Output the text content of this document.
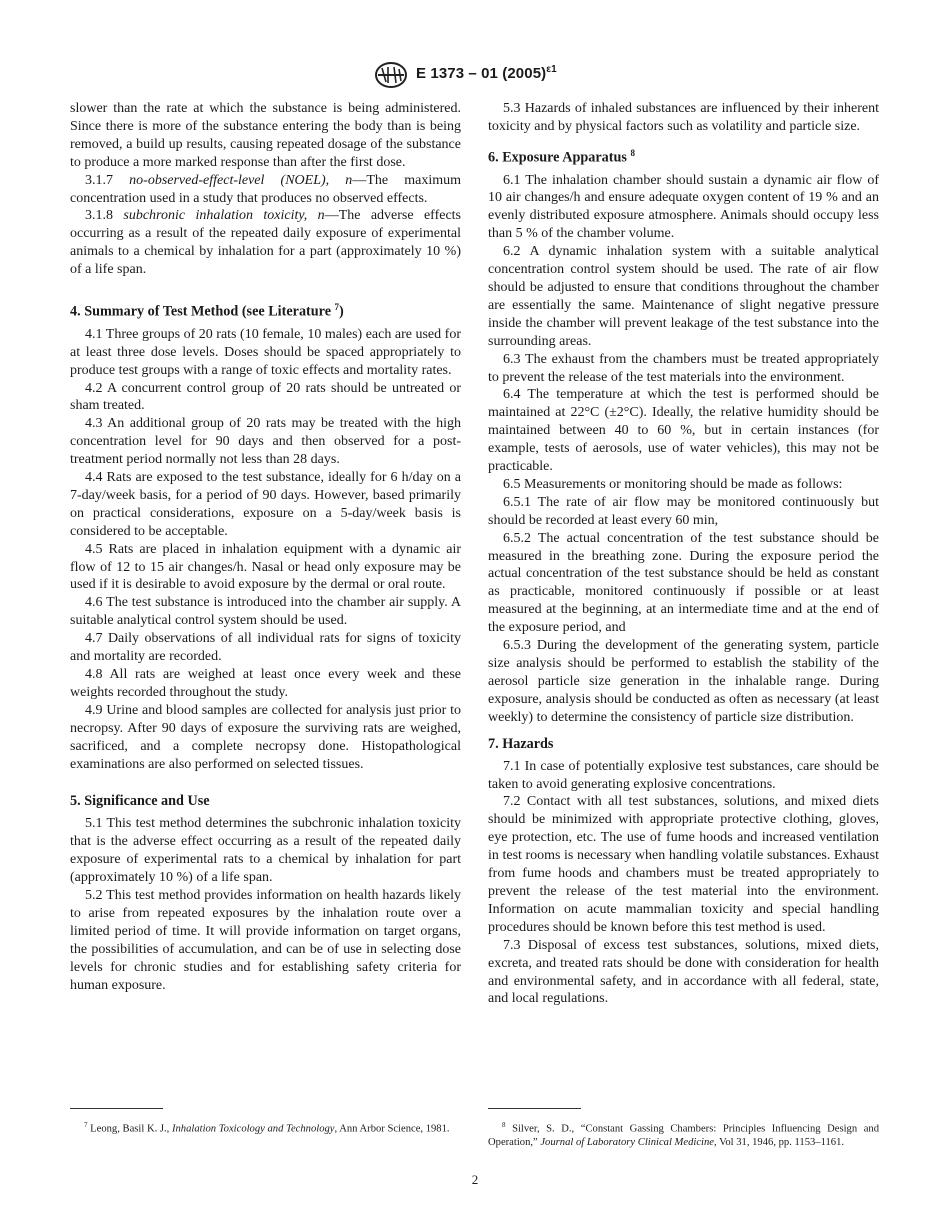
E 1373 – 01 $(2005)^{\varepsilon 1}$

slower than the rate at which the substance is being administered. Since there is more of the substance entering the body than is being removed, a build up results, causing repeated dosage of the substance to produce a more marked response than after the first dose.

3.1.7 no-observed-effect-level (NOEL), n—The maximum concentration used in a study that produces no observed effects.

3.1.8 subchronic inhalation toxicity, n—The adverse effects occurring as a result of the repeated daily exposure of experimental animals to a chemical by inhalation for a part (approximately 10 %) of a life span.

4. Summary of Test Method (see Literature $^7$)

4.1 Three groups of 20 rats (10 female, 10 males) each are used for at least three dose levels. Doses should be spaced appropriately to produce test groups with a range of toxic effects and mortality rates.

4.2 A concurrent control group of 20 rats should be untreated or sham treated.

4.3 An additional group of 20 rats may be treated with the high concentration level for 90 days and then observed for a post-treatment period normally not less than 28 days.

4.4 Rats are exposed to the test substance, ideally for 6 h/day on a 7-day/week basis, for a period of 90 days. However, based primarily on practical considerations, exposure on a 5-day/week basis is considered to be acceptable.

4.5 Rats are placed in inhalation equipment with a dynamic air flow of 12 to 15 air changes/h. Nasal or head only exposure may be used if it is desirable to avoid exposure by the dermal or oral route.

4.6 The test substance is introduced into the chamber air supply. A suitable analytical control system should be used.

4.7 Daily observations of all individual rats for signs of toxicity and mortality are recorded.

4.8 All rats are weighed at least once every week and these weights recorded throughout the study.

4.9 Urine and blood samples are collected for analysis just prior to necropsy. After 90 days of exposure the surviving rats are weighed, sacrificed, and a complete necropsy done. Histopathological examinations are also performed on selected tissues.

5. Significance and Use

5.1 This test method determines the subchronic inhalation toxicity that is the adverse effect occurring as a result of the repeated daily exposure of experimental rats to a chemical by inhalation for part (approximately 10 %) of a life span.

5.2 This test method provides information on health hazards likely to arise from repeated exposures by the inhalation route over a limited period of time. It will provide information on target organs, the possibilities of accumulation, and can be of use in selecting dose levels for chronic studies and for establishing safety criteria for human exposure.

5.3 Hazards of inhaled substances are influenced by their inherent toxicity and by physical factors such as volatility and particle size.

6. Exposure Apparatus $^8$

6.1 The inhalation chamber should sustain a dynamic air flow of 10 air changes/h and ensure adequate oxygen content of 19 % and an evenly distributed exposure atmosphere. Animals should occupy less than 5 % of the chamber volume.

6.2 A dynamic inhalation system with a suitable analytical concentration control system should be used. The rate of air flow should be adjusted to ensure that conditions throughout the chamber are essentially the same. Maintenance of slight negative pressure inside the chamber will prevent leakage of the test substance into the surrounding areas.

6.3 The exhaust from the chambers must be treated appropriately to prevent the release of the test materials into the environment.

6.4 The temperature at which the test is performed should be maintained at 22°C (±2°C). Ideally, the relative humidity should be maintained between 40 to 60 %, but in certain instances (for example, tests of aerosols, use of water vehicles), this may not be practicable.

6.5 Measurements or monitoring should be made as follows:

6.5.1 The rate of air flow may be monitored continuously but should be recorded at least every 60 min,

6.5.2 The actual concentration of the test substance should be measured in the breathing zone. During the exposure period the actual concentration of the test substance should be held as constant as practicable, monitored continuously if possible or at least measured at the beginning, at an intermediate time and at the end of the exposure period, and

6.5.3 During the development of the generating system, particle size analysis should be performed to establish the stability of the aerosol particle size generation in the inhalable range. During exposure, analysis should be conducted as often as necessary (at least weekly) to determine the consistency of particle size distribution.

7. Hazards

7.1 In case of potentially explosive test substances, care should be taken to avoid generating explosive concentrations.

7.2 Contact with all test substances, solutions, and mixed diets should be minimized with appropriate protective clothing, gloves, eye protection, etc. The use of fume hoods and increased ventilation in test rooms is necessary when handling volatile substances. Exhaust from fume hoods and chambers must be treated appropriately to prevent the release of the test material into the environment. Information on acute mammalian toxicity and special handling procedures should be known before this test method is used.

7.3 Disposal of excess test substances, solutions, mixed diets, excreta, and treated rats should be done with consideration for health and environmental safety, and in accordance with all federal, state, and local regulations.

$^7$ Leong, Basil K. J., Inhalation Toxicology and Technology, Ann Arbor Science, 1981.	$^8$ Silver, S. D., “Constant Gassing Chambers: Principles Influencing Design and Operation,” Journal of Laboratory Clinical Medicine, Vol 31, 1946, pp. 1153–1161.

2
